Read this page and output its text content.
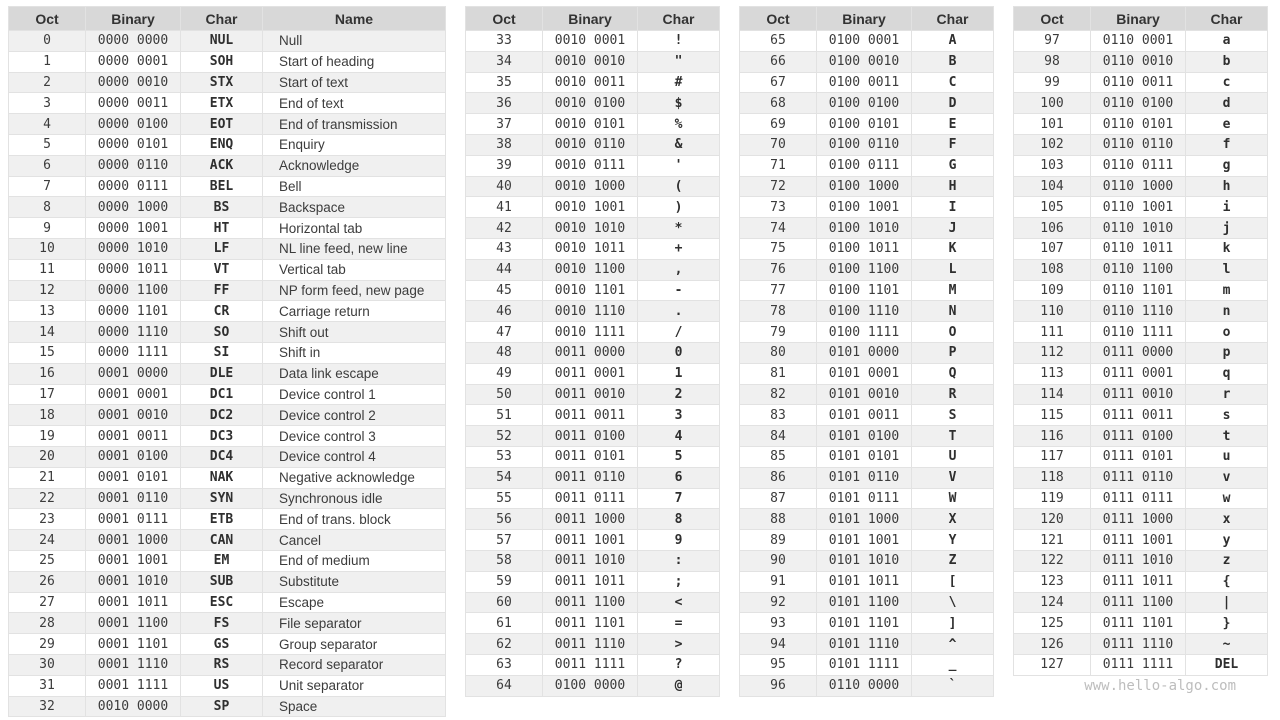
Oct	Binary	Char	Name
0	0000 0000	NUL	Null
1	0000 0001	SOH	Start of heading
2	0000 0010	STX	Start of text
3	0000 0011	ETX	End of text
4	0000 0100	EOT	End of transmission
5	0000 0101	ENQ	Enquiry
6	0000 0110	ACK	Acknowledge
7	0000 0111	BEL	Bell
8	0000 1000	BS	Backspace
9	0000 1001	HT	Horizontal tab
10	0000 1010	LF	NL line feed, new line
11	0000 1011	VT	Vertical tab
12	0000 1100	FF	NP form feed, new page
13	0000 1101	CR	Carriage return
14	0000 1110	SO	Shift out
15	0000 1111	SI	Shift in
16	0001 0000	DLE	Data link escape
17	0001 0001	DC1	Device control 1
18	0001 0010	DC2	Device control 2
19	0001 0011	DC3	Device control 3
20	0001 0100	DC4	Device control 4
21	0001 0101	NAK	Negative acknowledge
22	0001 0110	SYN	Synchronous idle
23	0001 0111	ETB	End of trans. block
24	0001 1000	CAN	Cancel
25	0001 1001	EM	End of medium
26	0001 1010	SUB	Substitute
27	0001 1011	ESC	Escape
28	0001 1100	FS	File separator
29	0001 1101	GS	Group separator
30	0001 1110	RS	Record separator
31	0001 1111	US	Unit separator
32	0010 0000	SP	Space
Oct	Binary	Char
33	0010 0001	!
34	0010 0010	"
35	0010 0011	#
36	0010 0100	$
37	0010 0101	%
38	0010 0110	&
39	0010 0111	'
40	0010 1000	(
41	0010 1001	)
42	0010 1010	*
43	0010 1011	+
44	0010 1100	,
45	0010 1101	-
46	0010 1110	.
47	0010 1111	/
48	0011 0000	0
49	0011 0001	1
50	0011 0010	2
51	0011 0011	3
52	0011 0100	4
53	0011 0101	5
54	0011 0110	6
55	0011 0111	7
56	0011 1000	8
57	0011 1001	9
58	0011 1010	:
59	0011 1011	;
60	0011 1100	<
61	0011 1101	=
62	0011 1110	>
63	0011 1111	?
64	0100 0000	@
Oct	Binary	Char
65	0100 0001	A
66	0100 0010	B
67	0100 0011	C
68	0100 0100	D
69	0100 0101	E
70	0100 0110	F
71	0100 0111	G
72	0100 1000	H
73	0100 1001	I
74	0100 1010	J
75	0100 1011	K
76	0100 1100	L
77	0100 1101	M
78	0100 1110	N
79	0100 1111	O
80	0101 0000	P
81	0101 0001	Q
82	0101 0010	R
83	0101 0011	S
84	0101 0100	T
85	0101 0101	U
86	0101 0110	V
87	0101 0111	W
88	0101 1000	X
89	0101 1001	Y
90	0101 1010	Z
91	0101 1011	[
92	0101 1100	\
93	0101 1101	]
94	0101 1110	^
95	0101 1111	_
96	0110 0000	`
Oct	Binary	Char
97	0110 0001	a
98	0110 0010	b
99	0110 0011	c
100	0110 0100	d
101	0110 0101	e
102	0110 0110	f
103	0110 0111	g
104	0110 1000	h
105	0110 1001	i
106	0110 1010	j
107	0110 1011	k
108	0110 1100	l
109	0110 1101	m
110	0110 1110	n
111	0110 1111	o
112	0111 0000	p
113	0111 0001	q
114	0111 0010	r
115	0111 0011	s
116	0111 0100	t
117	0111 0101	u
118	0111 0110	v
119	0111 0111	w
120	0111 1000	x
121	0111 1001	y
122	0111 1010	z
123	0111 1011	{
124	0111 1100	|
125	0111 1101	}
126	0111 1110	~
127	0111 1111	DEL
www.hello-algo.com
